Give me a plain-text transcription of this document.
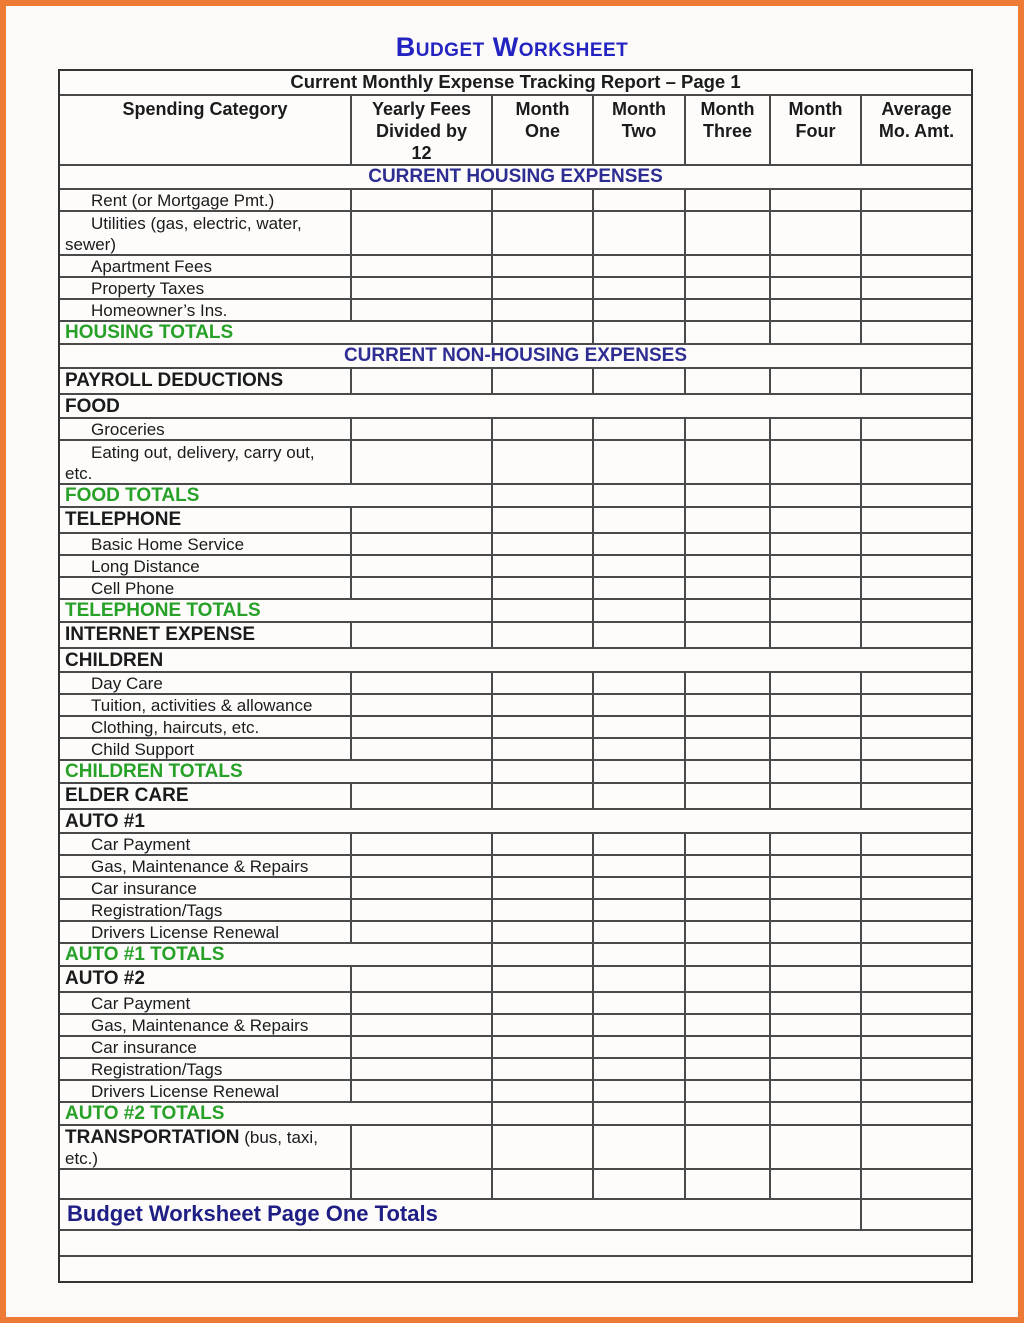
Budget Worksheet
Current Monthly Expense Tracking Report – Page 1
Spending Category	Yearly Fees
Divided by
12
Month
One
Month
Two
Month
Three
Month
Four
Average
Mo. Amt.
CURRENT HOUSING EXPENSES
Rent (or Mortgage Pmt.)
Utilities (gas, electric, water, sewer)
Apartment Fees
Property Taxes
Homeowner’s Ins.
HOUSING TOTALS
CURRENT NON-HOUSING EXPENSES
PAYROLL DEDUCTIONS
FOOD
Groceries
Eating out, delivery, carry out, etc.
FOOD TOTALS
TELEPHONE
Basic Home Service
Long Distance
Cell Phone
TELEPHONE TOTALS
INTERNET EXPENSE
CHILDREN
Day Care
Tuition, activities & allowance
Clothing, haircuts, etc.
Child Support
CHILDREN TOTALS
ELDER CARE
AUTO #1
Car Payment
Gas, Maintenance & Repairs
Car insurance
Registration/Tags
Drivers License Renewal
AUTO #1 TOTALS
AUTO #2
Car Payment
Gas, Maintenance & Repairs
Car insurance
Registration/Tags
Drivers License Renewal
AUTO #2 TOTALS
TRANSPORTATION (bus, taxi, etc.)
Budget Worksheet Page One Totals
